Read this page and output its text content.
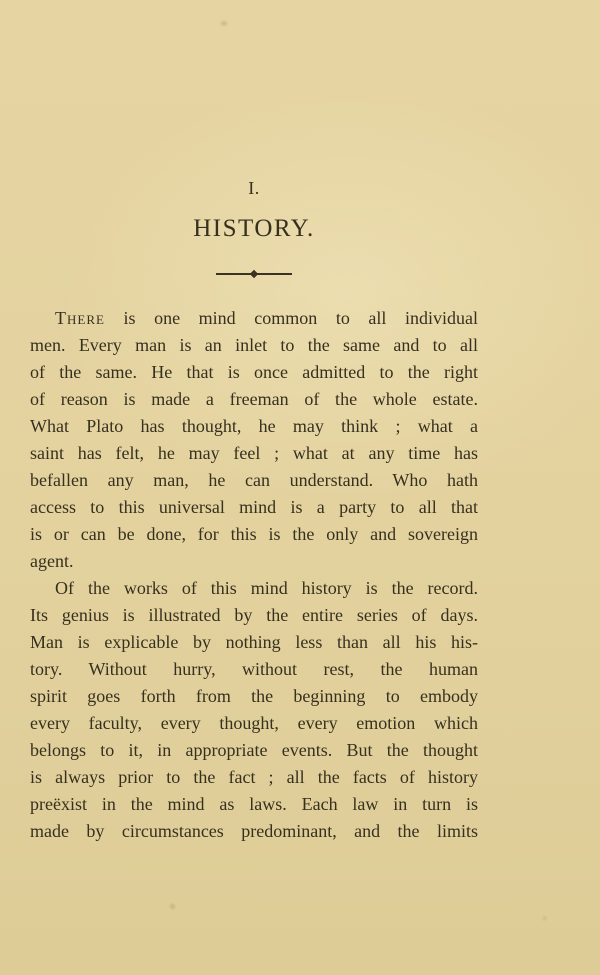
I.
HISTORY.
There is one mind common to all individual
men. Every man is an inlet to the same and to all
of the same. He that is once admitted to the right
of reason is made a freeman of the whole estate.
What Plato has thought, he may think ; what a
saint has felt, he may feel ; what at any time has
befallen any man, he can understand. Who hath
access to this universal mind is a party to all that
is or can be done, for this is the only and sovereign
agent.
Of the works of this mind history is the record.
Its genius is illustrated by the entire series of days.
Man is explicable by nothing less than all his his-
tory. Without hurry, without rest, the human
spirit goes forth from the beginning to embody
every faculty, every thought, every emotion which
belongs to it, in appropriate events. But the thought
is always prior to the fact ; all the facts of history
preëxist in the mind as laws. Each law in turn is
made by circumstances predominant, and the limits
